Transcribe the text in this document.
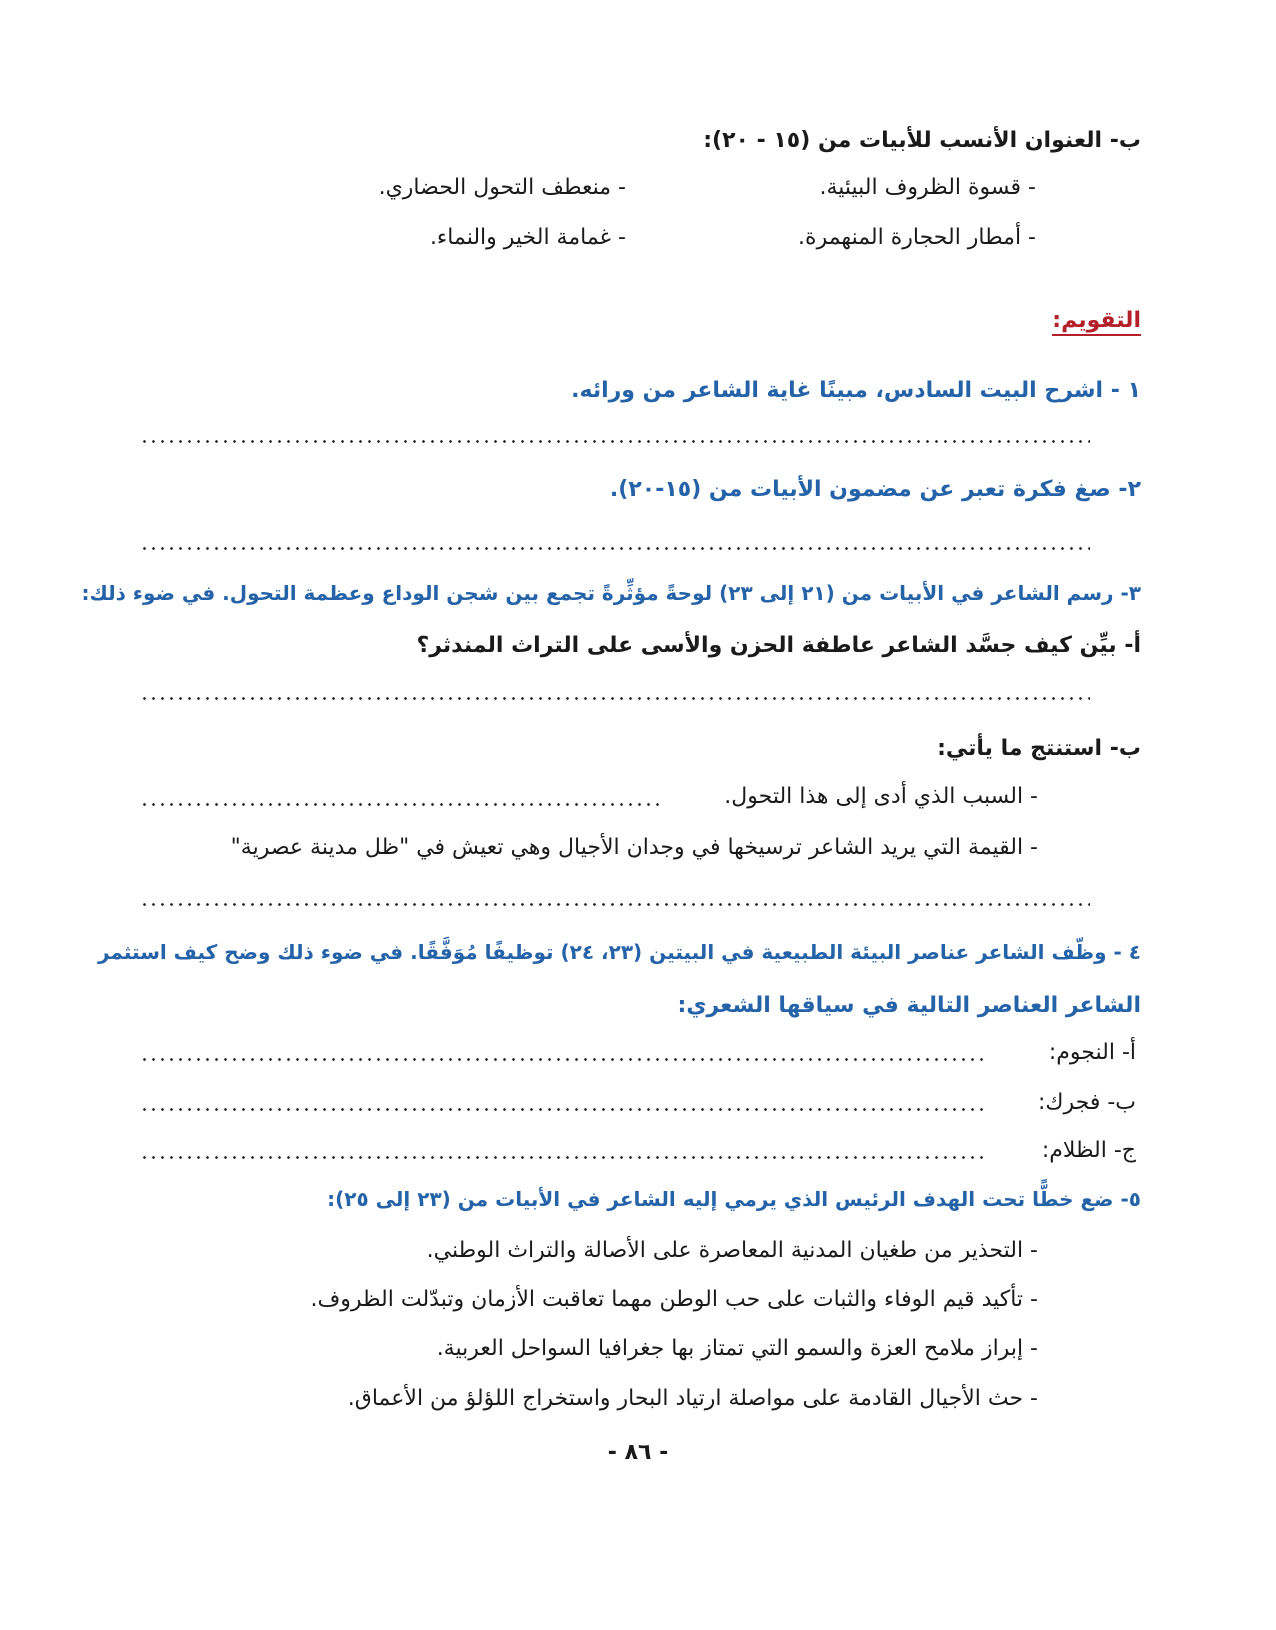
ب- العنوان الأنسب للأبيات من (١٥ - ٢٠):
- قسوة الظروف البيئية.
- منعطف التحول الحضاري.
- أمطار الحجارة المنهمرة.
- غمامة الخير والنماء.
التقويم:
١ - اشرح البيت السادس، مبينًا غاية الشاعر من ورائه.
٢- صغ فكرة تعبر عن مضمون الأبيات من (١٥-٢٠).
٣- رسم الشاعر في الأبيات من (٢١ إلى ٢٣) لوحةً مؤثِّرةً تجمع بين شجن الوداع وعظمة التحول. في ضوء ذلك:
أ- بيِّن كيف جسَّد الشاعر عاطفة الحزن والأسى على التراث المندثر؟
ب- استنتج ما يأتي:
- السبب الذي أدى إلى هذا التحول.
- القيمة التي يريد الشاعر ترسيخها في وجدان الأجيال وهي تعيش في "ظل مدينة عصرية"
٤ - وظّف الشاعر عناصر البيئة الطبيعية في البيتين (٢٣، ٢٤) توظيفًا مُوَفَّقًا. في ضوء ذلك وضح كيف استثمر
الشاعر العناصر التالية في سياقها الشعري:
أ- النجوم:
ب- فجرك:
ج- الظلام:
٥- ضع خطًّا تحت الهدف الرئيس الذي يرمي إليه الشاعر في الأبيات من (٢٣ إلى ٢٥):
- التحذير من طغيان المدنية المعاصرة على الأصالة والتراث الوطني.
- تأكيد قيم الوفاء والثبات على حب الوطن مهما تعاقبت الأزمان وتبدّلت الظروف.
- إبراز ملامح العزة والسمو التي تمتاز بها جغرافيا السواحل العربية.
- حث الأجيال القادمة على مواصلة ارتياد البحار واستخراج اللؤلؤ من الأعماق.
- ٨٦ -
